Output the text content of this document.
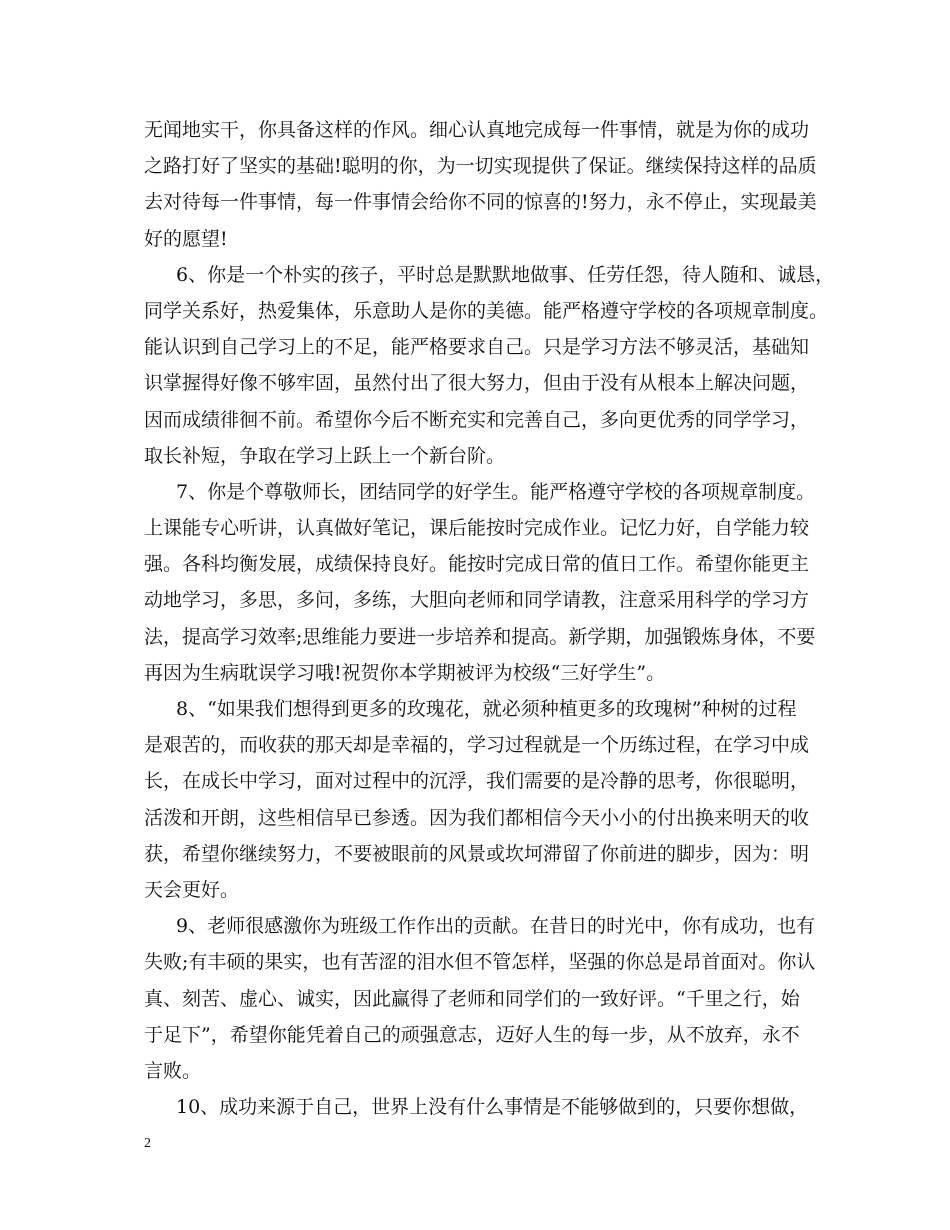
无闻地实干，你具备这样的作风。细心认真地完成每一件事情，就是为你的成功
之路打好了坚实的基础!聪明的你，为一切实现提供了保证。继续保持这样的品质
去对待每一件事情，每一件事情会给你不同的惊喜的!努力，永不停止，实现最美
好的愿望!
6、你是一个朴实的孩子，平时总是默默地做事、任劳任怨，待人随和、诚恳，
同学关系好，热爱集体，乐意助人是你的美德。能严格遵守学校的各项规章制度。
能认识到自己学习上的不足，能严格要求自己。只是学习方法不够灵活，基础知
识掌握得好像不够牢固，虽然付出了很大努力，但由于没有从根本上解决问题，
因而成绩徘徊不前。希望你今后不断充实和完善自己，多向更优秀的同学学习，
取长补短，争取在学习上跃上一个新台阶。
7、你是个尊敬师长，团结同学的好学生。能严格遵守学校的各项规章制度。
上课能专心听讲，认真做好笔记，课后能按时完成作业。记忆力好，自学能力较
强。各科均衡发展，成绩保持良好。能按时完成日常的值日工作。希望你能更主
动地学习，多思，多问，多练，大胆向老师和同学请教，注意采用科学的学习方
法，提高学习效率;思维能力要进一步培养和提高。新学期，加强锻炼身体，不要
再因为生病耽误学习哦!祝贺你本学期被评为校级“三好学生”。
8、“如果我们想得到更多的玫瑰花，就必须种植更多的玫瑰树”种树的过程
是艰苦的，而收获的那天却是幸福的，学习过程就是一个历练过程，在学习中成
长，在成长中学习，面对过程中的沉浮，我们需要的是冷静的思考，你很聪明，
活泼和开朗，这些相信早已参透。因为我们都相信今天小小的付出换来明天的收
获，希望你继续努力，不要被眼前的风景或坎坷滞留了你前进的脚步，因为：明
天会更好。
9、老师很感激你为班级工作作出的贡献。在昔日的时光中，你有成功，也有
失败;有丰硕的果实，也有苦涩的泪水但不管怎样，坚强的你总是昂首面对。你认
真、刻苦、虚心、诚实，因此赢得了老师和同学们的一致好评。“千里之行，始
于足下”，希望你能凭着自己的顽强意志，迈好人生的每一步，从不放弃，永不
言败。
10、成功来源于自己，世界上没有什么事情是不能够做到的，只要你想做，
2
